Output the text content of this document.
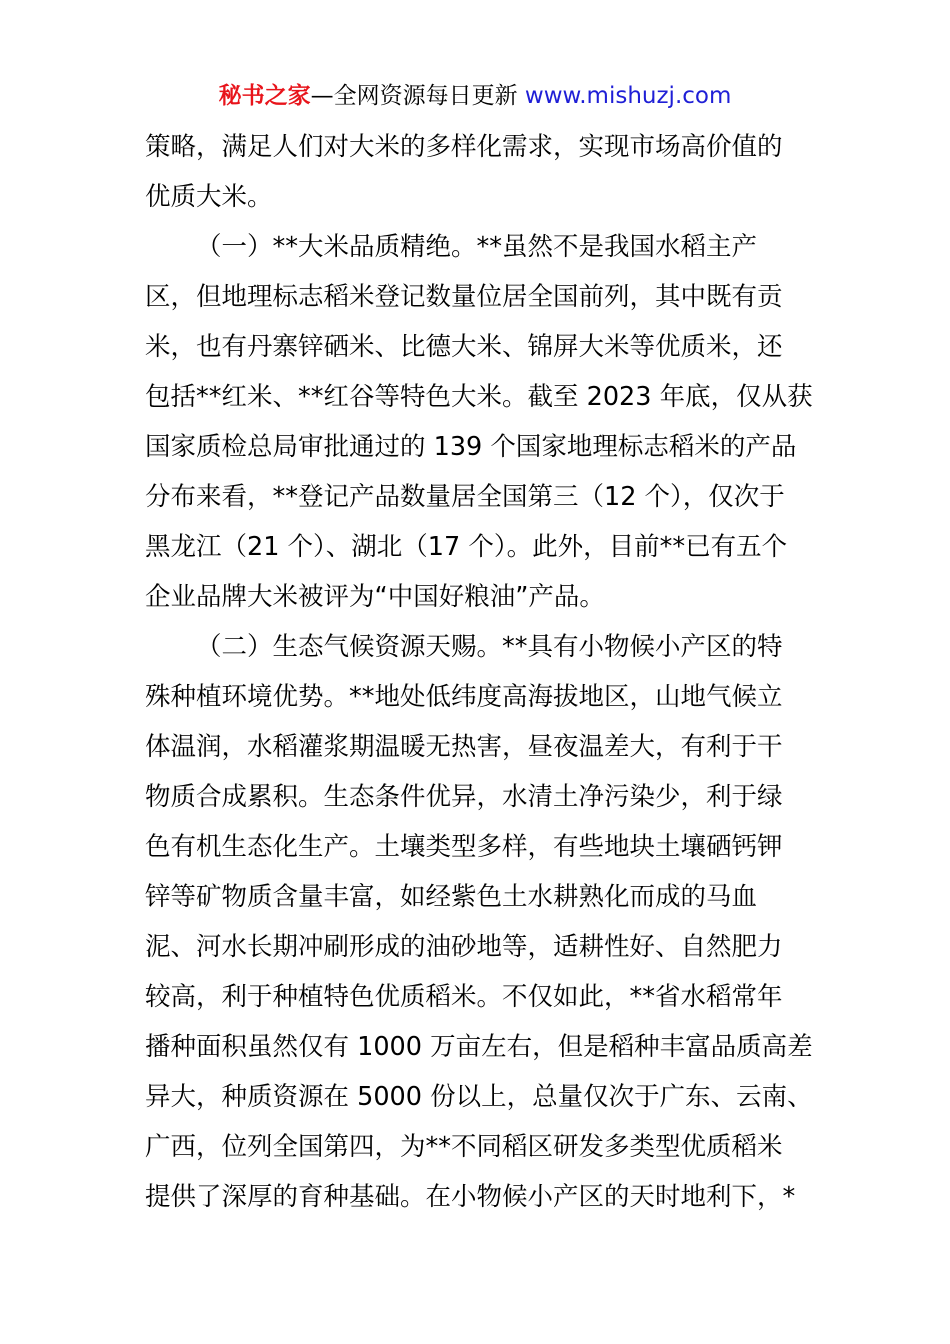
秘书之家—全网资源每日更新 www.mishuzj.com
策略，满足人们对大米的多样化需求，实现市场高价值的
优质大米。
（一）**大米品质精绝。**虽然不是我国水稻主产
区，但地理标志稻米登记数量位居全国前列，其中既有贡
米，也有丹寨锌硒米、比德大米、锦屏大米等优质米，还
包括**红米、**红谷等特色大米。截至 2023 年底，仅从获
国家质检总局审批通过的 139 个国家地理标志稻米的产品
分布来看，**登记产品数量居全国第三（12 个），仅次于
黑龙江（21 个）、湖北（17 个）。此外，目前**已有五个
企业品牌大米被评为“中国好粮油”产品。
（二）生态气候资源天赐。**具有小物候小产区的特
殊种植环境优势。**地处低纬度高海拔地区，山地气候立
体温润，水稻灌浆期温暖无热害，昼夜温差大，有利于干
物质合成累积。生态条件优异，水清土净污染少，利于绿
色有机生态化生产。土壤类型多样，有些地块土壤硒钙钾
锌等矿物质含量丰富，如经紫色土水耕熟化而成的马血
泥、河水长期冲刷形成的油砂地等，适耕性好、自然肥力
较高，利于种植特色优质稻米。不仅如此，**省水稻常年
播种面积虽然仅有 1000 万亩左右，但是稻种丰富品质高差
异大，种质资源在 5000 份以上，总量仅次于广东、云南、
广西，位列全国第四，为**不同稻区研发多类型优质稻米
提供了深厚的育种基础。在小物候小产区的天时地利下，*
